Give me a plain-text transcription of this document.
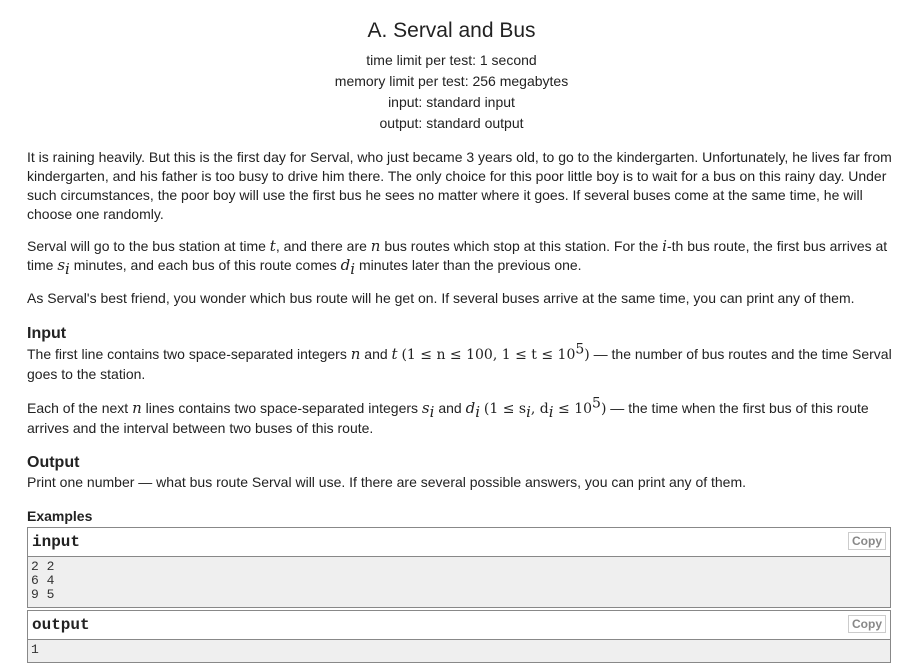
A. Serval and Bus
time limit per test: 1 second
memory limit per test: 256 megabytes
input: standard input
output: standard output
It is raining heavily. But this is the first day for Serval, who just became 3 years old, to go to the kindergarten. Unfortunately, he lives far from kindergarten, and his father is too busy to drive him there. The only choice for this poor little boy is to wait for a bus on this rainy day. Under such circumstances, the poor boy will use the first bus he sees no matter where it goes. If several buses come at the same time, he will choose one randomly.
Serval will go to the bus station at time t, and there are n bus routes which stop at this station. For the i-th bus route, the first bus arrives at time $s_i$ minutes, and each bus of this route comes $d_i$ minutes later than the previous one.
As Serval's best friend, you wonder which bus route will he get on. If several buses arrive at the same time, you can print any of them.
Input
The first line contains two space-separated integers n and t (1 ≤ n ≤ 100, $1 \le t \le 10^5$) — the number of bus routes and the time Serval goes to the station.
Each of the next n lines contains two space-separated integers $s_i$ and $d_i$ ($1 \le s_i$, $d_i \le 10^5$) — the time when the first bus of this route arrives and the interval between two buses of this route.
Output
Print one number — what bus route Serval will use. If there are several possible answers, you can print any of them.
Examples
input	Copy
2 2
6 4
9 5
output	Copy
1
